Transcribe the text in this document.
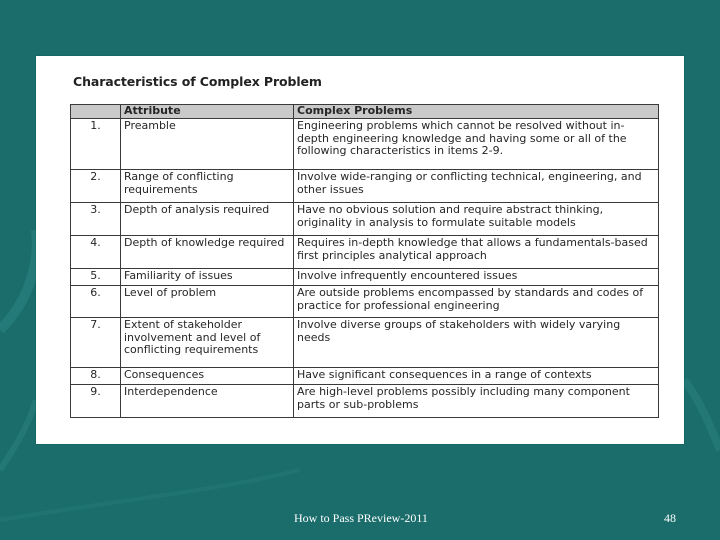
Characteristics of Complex Problem
	Attribute	Complex Problems
1.	Preamble	Engineering problems which cannot be resolved without in-depth engineering knowledge and having some or all of the following characteristics in items 2-9.
2.	Range of conflicting requirements	Involve wide-ranging or conflicting technical, engineering, and other issues
3.	Depth of analysis required	Have no obvious solution and require abstract thinking, originality in analysis to formulate suitable models
4.	Depth of knowledge required	Requires in-depth knowledge that allows a fundamentals-based first principles analytical approach
5.	Familiarity of issues	Involve infrequently encountered issues
6.	Level of problem	Are outside problems encompassed by standards and codes of practice for professional engineering
7.	Extent of stakeholder involvement and level of conflicting requirements	Involve diverse groups of stakeholders with widely varying needs
8.	Consequences	Have significant consequences in a range of contexts
9.	Interdependence	Are high-level problems possibly including many component parts or sub-problems
How to Pass PReview-2011	48
